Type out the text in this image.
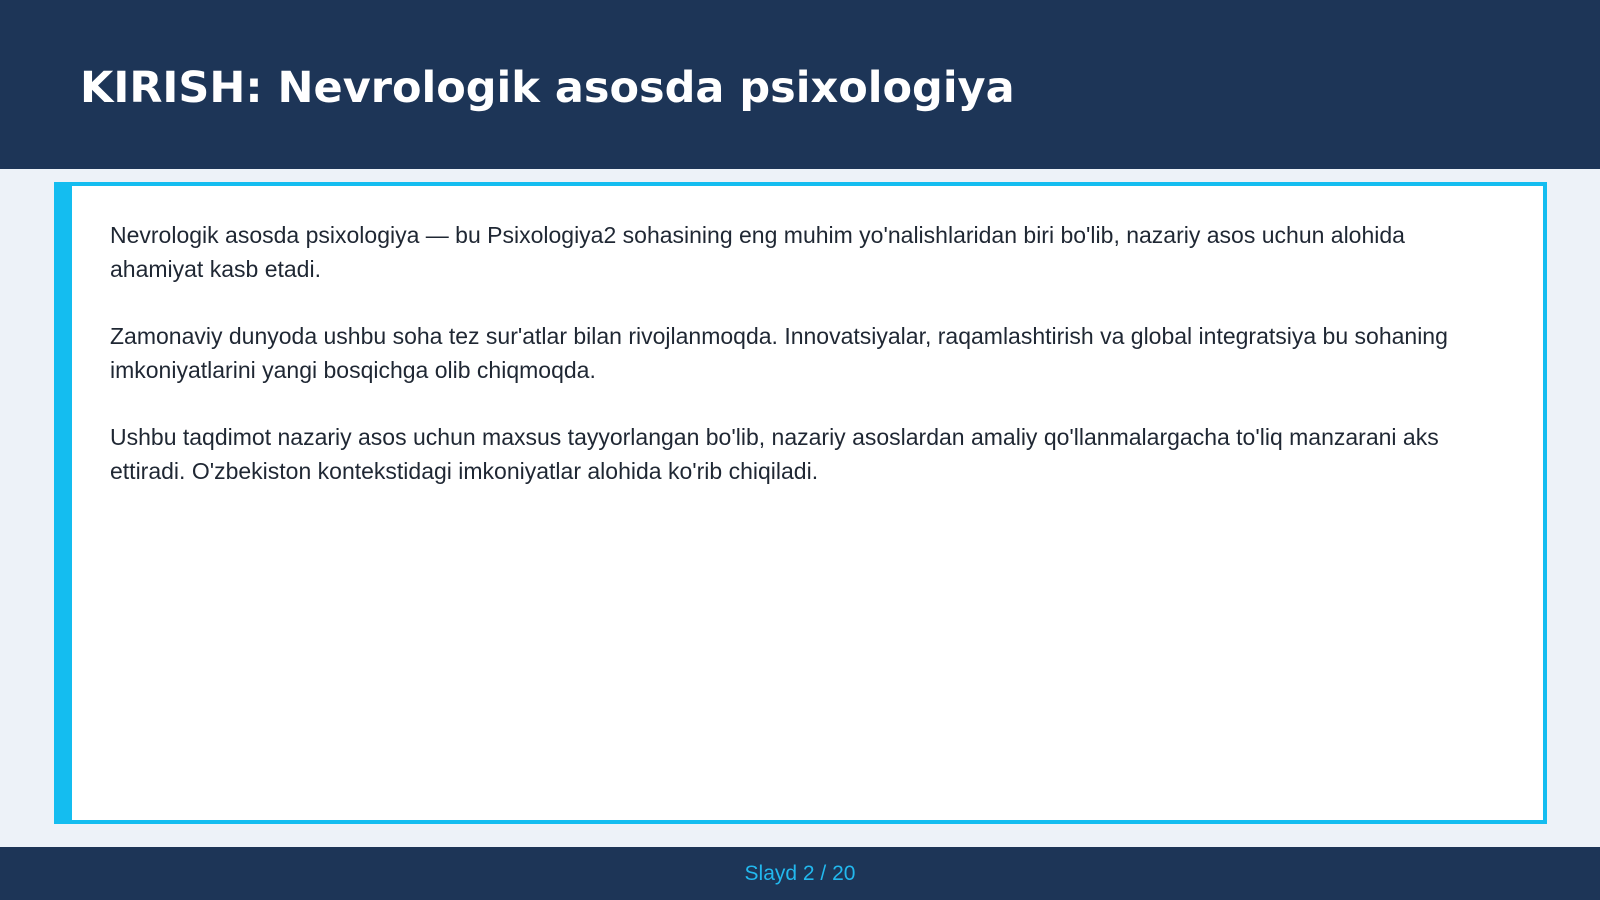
KIRISH: Nevrologik asosda psixologiya

Nevrologik asosda psixologiya — bu Psixologiya2 sohasining eng muhim yo'nalishlaridan biri bo'lib, nazariy asos uchun alohida ahamiyat kasb etadi.

Zamonaviy dunyoda ushbu soha tez sur'atlar bilan rivojlanmoqda. Innovatsiyalar, raqamlashtirish va global integratsiya bu sohaning imkoniyatlarini yangi bosqichga olib chiqmoqda.

Ushbu taqdimot nazariy asos uchun maxsus tayyorlangan bo'lib, nazariy asoslardan amaliy qo'llanmalargacha to'liq manzarani aks ettiradi. O'zbekiston kontekstidagi imkoniyatlar alohida ko'rib chiqiladi.

Slayd 2 / 20
